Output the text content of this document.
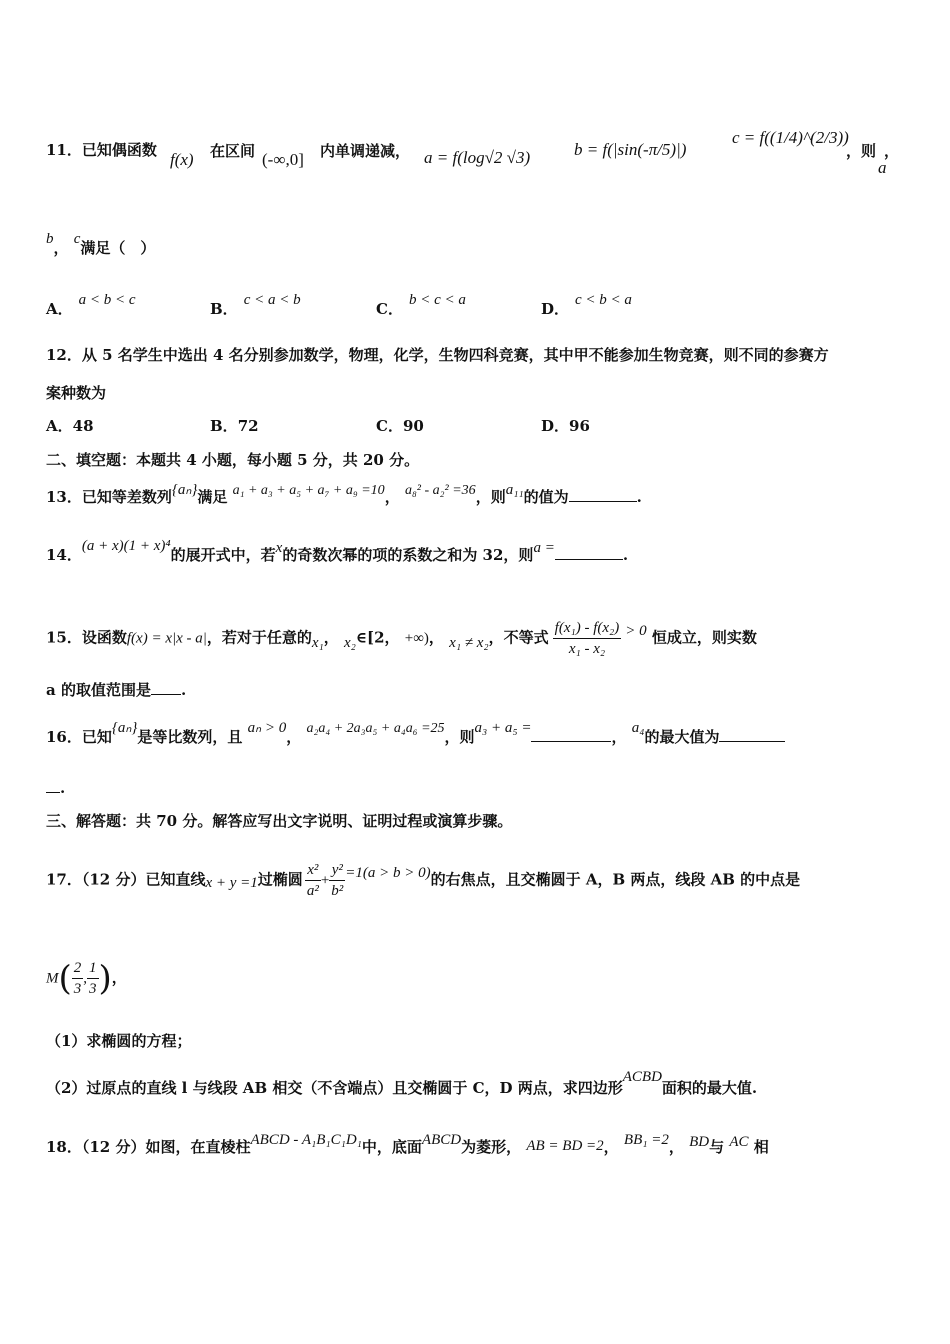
11．已知偶函数 f(x) 在区间 (-∞,0] 内单调递减， a = f(log√2 √3)	b = f(|sin(-π/5)|)
c = f((1/4)^(2/3))
，则
a
，
b， c满足（　）
A． a < b < c	B． c < a < b	C． b < c < a	D． c < b < a
12．从 5 名学生中选出 4 名分别参加数学，物理，化学，生物四科竞赛，其中甲不能参加生物竞赛，则不同的参赛方
案种数为
A．48	B．72	C．90	D．96
二、填空题：本题共 4 小题，每小题 5 分，共 20 分。
13．已知等差数列{aₙ}满足 a₁ + a₃ + a₅ + a₇ + a₉ =10， a₈² - a₂² =36，则a₁₁的值为	.
14．(a + x)(1 + x)⁴的展开式中，若x的奇数次幂的项的系数之和为 32，则a =	.
15．设函数f(x) = x|x - a|，若对于任意的x₁， x₂∈[2， +∞)， x₁ ≠ x₂，不等式 $\frac{\text{f(x₁) - f(x₂)}}{\text{x₁ - x₂}} > 0$ 恒成立，则实数
a 的取值范围是 .
16．已知{aₙ}是等比数列，且 aₙ > 0， a₂a₄ + 2a₃a₅ + a₄a₆ =25，则a₃ + a₅ =	， a₄的最大值为
.
三、解答题：共 70 分。解答应写出文字说明、证明过程或演算步骤。
17．（12 分）已知直线x + y =1过椭圆 $\frac{\text{x²}}{\text{a²}} + \frac{\text{y²}}{\text{b²}} =1(a > b > 0)$的右焦点，且交椭圆于 A，B 两点，线段 AB 的中点是
$M( \frac{2}{3}$ , $\frac{1}{3}$ )，
（1）求椭圆的方程；
（2）过原点的直线 l 与线段 AB 相交（不含端点）且交椭圆于 C，D 两点，求四边形ACBD面积的最大值.
18．（12 分）如图，在直棱柱ABCD - A₁B₁C₁D₁中，底面ABCD为菱形， AB = BD =2， BB₁ =2， BD与 AC 相
